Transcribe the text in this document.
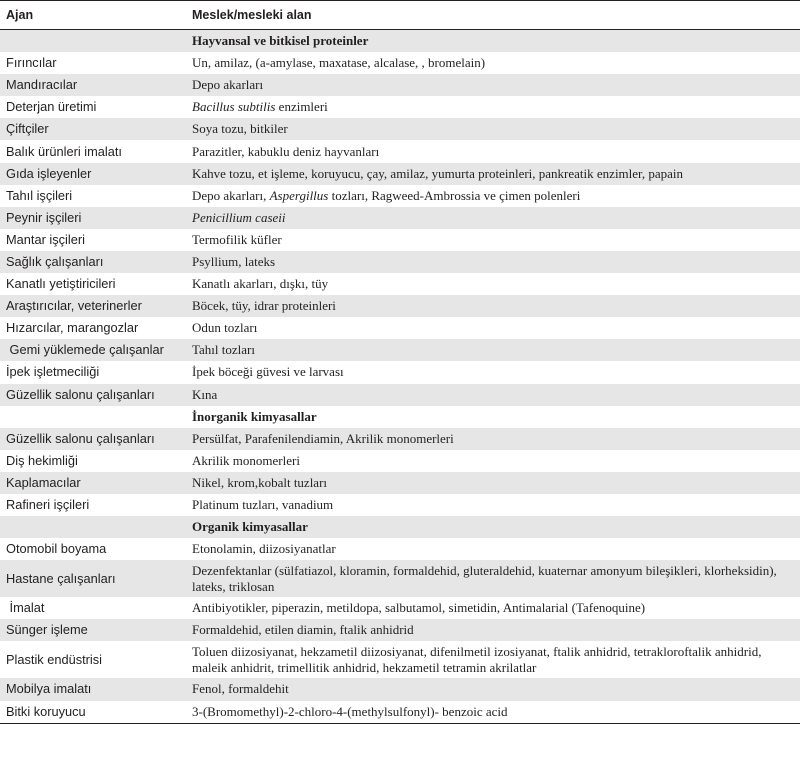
Ajan	Meslek/mesleki alan
	Hayvansal ve bitkisel proteinler
Fırıncılar	Un, amilaz, (a-amylase, maxatase, alcalase, , bromelain)
Mandıracılar	Depo akarları
Deterjan üretimi	Bacillus subtilis enzimleri
Çiftçiler	Soya tozu, bitkiler
Balık ürünleri imalatı	Parazitler, kabuklu deniz hayvanları
Gıda işleyenler	Kahve tozu, et işleme, koruyucu, çay, amilaz, yumurta proteinleri, pankreatik enzimler, papain
Tahıl işçileri	Depo akarları, Aspergillus tozları, Ragweed-Ambrossia ve çimen polenleri
Peynir işçileri	Penicillium caseii
Mantar işçileri	Termofilik küfler
Sağlık çalışanları	Psyllium, lateks
Kanatlı yetiştiricileri	Kanatlı akarları, dışkı, tüy
Araştırıcılar, veterinerler	Böcek, tüy, idrar proteinleri
Hızarcılar, marangozlar	Odun tozları
Gemi yüklemede çalışanlar	Tahıl tozları
İpek işletmeciliği	İpek böceği güvesi ve larvası
Güzellik salonu çalışanları	Kına
	İnorganik kimyasallar
Güzellik salonu çalışanları	Persülfat, Parafenilendiamin, Akrilik monomerleri
Diş hekimliği	Akrilik monomerleri
Kaplamacılar	Nikel, krom,kobalt tuzları
Rafineri işçileri	Platinum tuzları, vanadium
	Organik kimyasallar
Otomobil boyama	Etonolamin, diizosiyanatlar
Hastane çalışanları	Dezenfektanlar (sülfatiazol, kloramin, formaldehid, gluteraldehid, kuaternar amonyum bileşikleri, klorheksidin), lateks, triklosan
İmalat	Antibiyotikler, piperazin, metildopa, salbutamol, simetidin, Antimalarial (Tafenoquine)
Sünger işleme	Formaldehid, etilen diamin, ftalik anhidrid
Plastik endüstrisi	Toluen diizosiyanat, hekzametil diizosiyanat, difenilmetil izosiyanat, ftalik anhidrid, tetrakloroftalik anhidrid, maleik anhidrit, trimellitik anhidrid, hekzametil tetramin akrilatlar
Mobilya imalatı	Fenol, formaldehit
Bitki koruyucu	3-(Bromomethyl)-2-chloro-4-(methylsulfonyl)- benzoic acid
